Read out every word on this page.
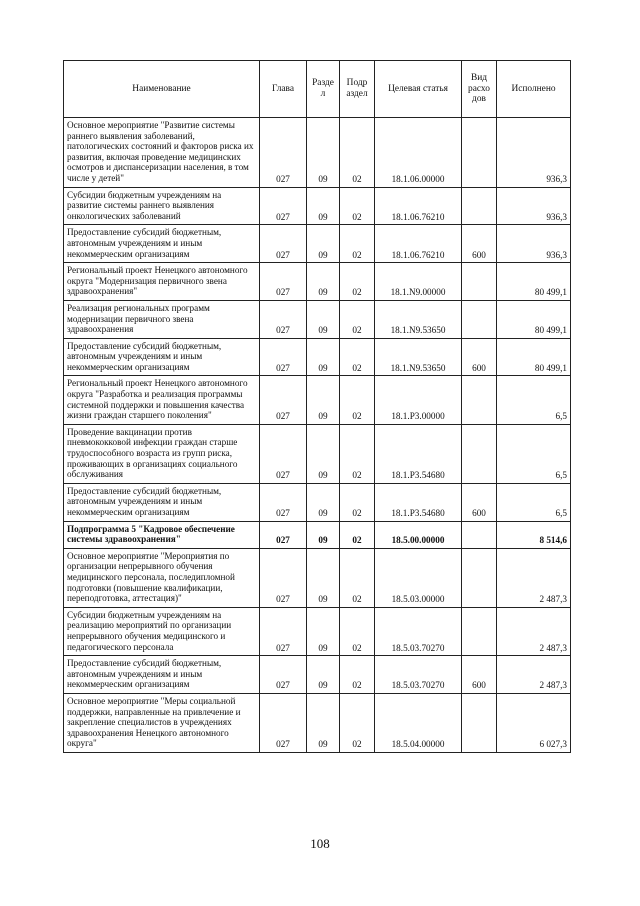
Наименование	Глава	Разде л	Подр аздел	Целевая статья	Вид расхо дов	Исполнено
Основное мероприятие "Развитие системы раннего выявления заболеваний, патологических состояний и факторов риска их развития, включая проведение медицинских осмотров и диспансеризации населения, в том числе у детей"	027	09	02	18.1.06.00000		936,3
Субсидии бюджетным учреждениям на развитие системы раннего выявления онкологических заболеваний	027	09	02	18.1.06.76210		936,3
Предоставление субсидий бюджетным, автономным учреждениям и иным некоммерческим организациям	027	09	02	18.1.06.76210	600	936,3
Региональный проект Ненецкого автономного округа "Модернизация первичного звена здравоохранения"	027	09	02	18.1.N9.00000		80 499,1
Реализация региональных программ модернизации первичного звена здравоохранения	027	09	02	18.1.N9.53650		80 499,1
Предоставление субсидий бюджетным, автономным учреждениям и иным некоммерческим организациям	027	09	02	18.1.N9.53650	600	80 499,1
Региональный проект Ненецкого автономного округа "Разработка и реализация программы системной поддержки и повышения качества жизни граждан старшего поколения"	027	09	02	18.1.P3.00000		6,5
Проведение вакцинации против пневмококковой инфекции граждан старше трудоспособного возраста из групп риска, проживающих в организациях социального обслуживания	027	09	02	18.1.P3.54680		6,5
Предоставление субсидий бюджетным, автономным учреждениям и иным некоммерческим организациям	027	09	02	18.1.P3.54680	600	6,5
Подпрограмма 5 "Кадровое обеспечение системы здравоохранения"	027	09	02	18.5.00.00000		8 514,6
Основное мероприятие "Мероприятия по организации непрерывного обучения медицинского персонала, последипломной подготовки (повышение квалификации, переподготовка, аттестация)"	027	09	02	18.5.03.00000		2 487,3
Субсидии бюджетным учреждениям на реализацию мероприятий по организации непрерывного обучения медицинского и педагогического персонала	027	09	02	18.5.03.70270		2 487,3
Предоставление субсидий бюджетным, автономным учреждениям и иным некоммерческим организациям	027	09	02	18.5.03.70270	600	2 487,3
Основное мероприятие "Меры социальной поддержки, направленные на привлечение и закрепление специалистов в учреждениях здравоохранения Ненецкого автономного округа"	027	09	02	18.5.04.00000		6 027,3
108
